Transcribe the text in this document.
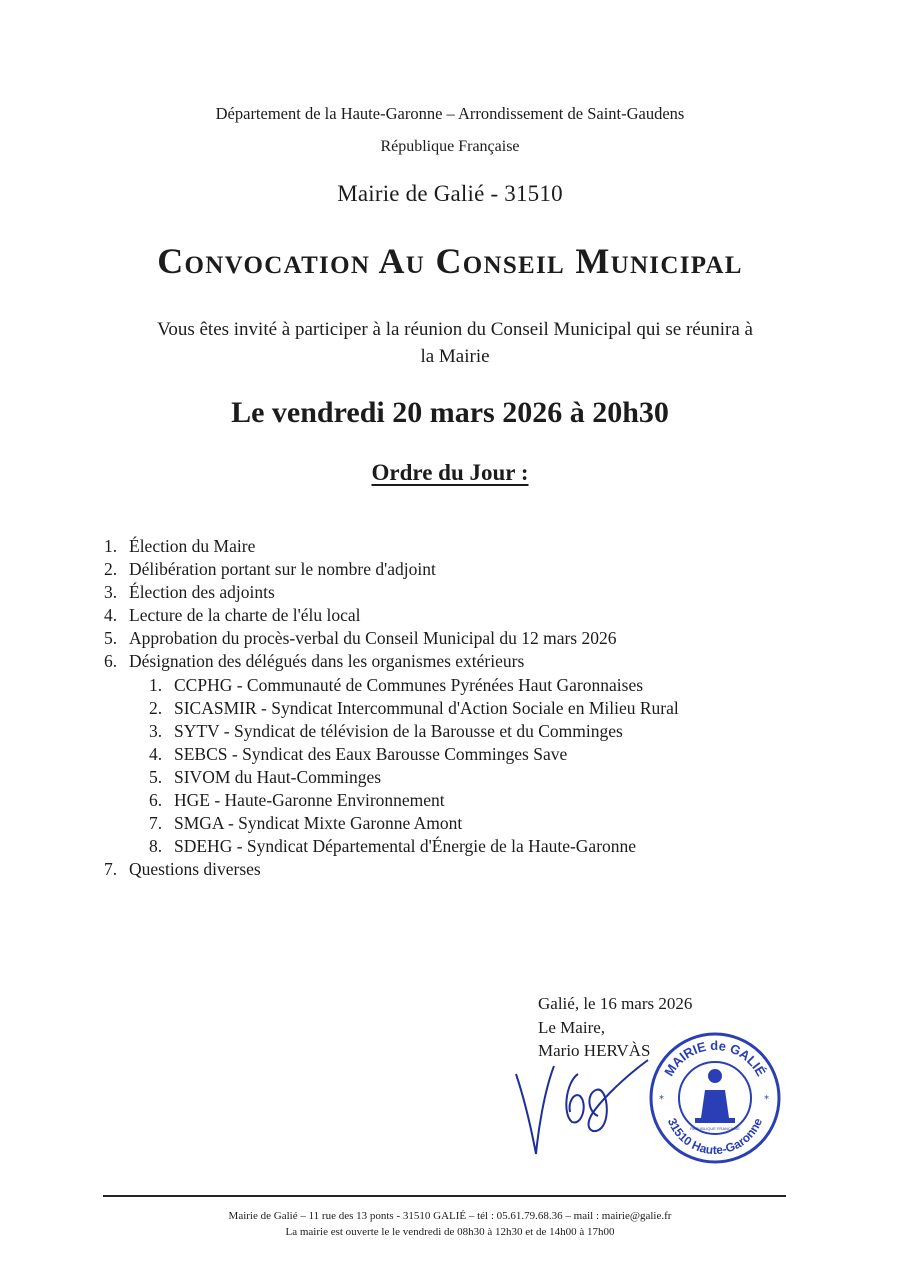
Département de la Haute-Garonne – Arrondissement de Saint-Gaudens
République Française
Mairie de Galié - 31510
Convocation Au Conseil Municipal
Vous êtes invité à participer à la réunion du Conseil Municipal qui se réunira à
la Mairie
Le vendredi 20 mars 2026 à 20h30
Ordre du Jour :
1. Élection du Maire
2. Délibération portant sur le nombre d'adjoint
3. Élection des adjoints
4. Lecture de la charte de l'élu local
5. Approbation du procès-verbal du Conseil Municipal du 12 mars 2026
6. Désignation des délégués dans les organismes extérieurs
1. CCPHG - Communauté de Communes Pyrénées Haut Garonnaises
2. SICASMIR - Syndicat Intercommunal d'Action Sociale en Milieu Rural
3. SYTV - Syndicat de télévision de la Barousse et du Comminges
4. SEBCS - Syndicat des Eaux Barousse Comminges Save
5. SIVOM du Haut-Comminges
6. HGE - Haute-Garonne Environnement
7. SMGA - Syndicat Mixte Garonne Amont
8. SDEHG - Syndicat Départemental d'Énergie de la Haute-Garonne
7. Questions diverses
Galié, le 16 mars 2026
Le Maire,
Mario HERVÀS
MAIRIE de GALIÉ
31510 Haute-Garonne
RÉPUBLIQUE FRANÇAISE
*	*
Mairie de Galié – 11 rue des 13 ponts - 31510 GALIÉ – tél : 05.61.79.68.36 – mail : mairie@galie.fr
La mairie est ouverte le le vendredi de 08h30 à 12h30 et de 14h00 à 17h00
